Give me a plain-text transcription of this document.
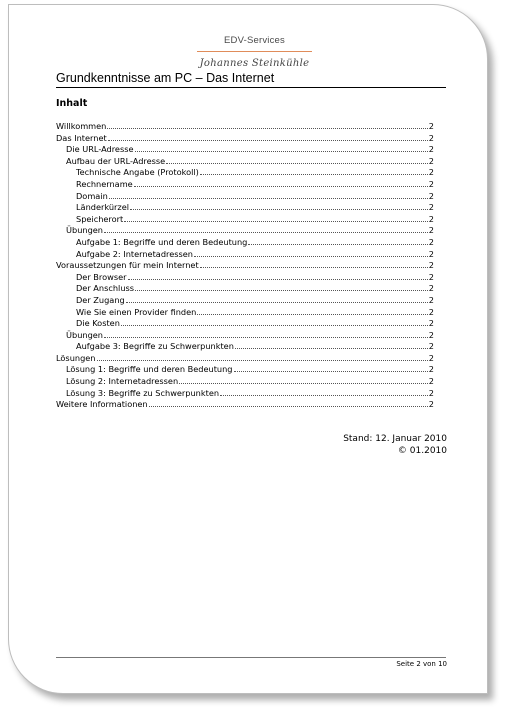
EDV-Services
Johannes Steinkühle
Grundkenntnisse am PC – Das Internet
Inhalt
Willkommen	2
Das Internet	2
Die URL-Adresse	2
Aufbau der URL-Adresse	2
Technische Angabe (Protokoll)	2
Rechnername	2
Domain	2
Länderkürzel	2
Speicherort	2
Übungen	2
Aufgabe 1: Begriffe und deren Bedeutung	2
Aufgabe 2: Internetadressen	2
Voraussetzungen für mein Internet	2
Der Browser	2
Der Anschluss	2
Der Zugang	2
Wie Sie einen Provider finden	2
Die Kosten	2
Übungen	2
Aufgabe 3: Begriffe zu Schwerpunkten	2
Lösungen	2
Lösung 1: Begriffe und deren Bedeutung	2
Lösung 2: Internetadressen	2
Lösung 3: Begriffe zu Schwerpunkten	2
Weitere Informationen	2
Stand: 12. Januar 2010
© 01.2010
Seite 2 von 10
